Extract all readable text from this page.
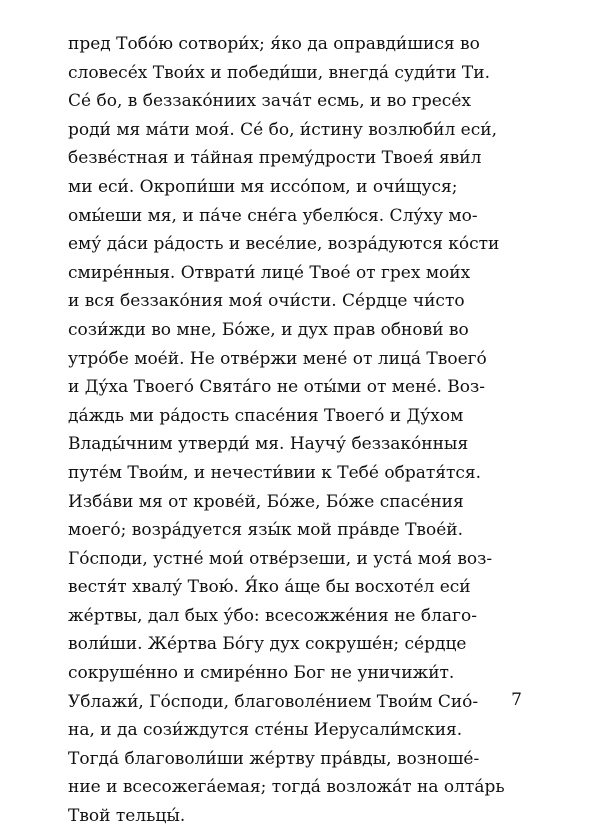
пред Тобо́ю сотвори́х; я́ко да оправди́шися во
словесе́х Твои́х и победи́ши, внегда́ суди́ти Ти.
Се́ бо, в беззако́ниих зача́т есмь, и во гресе́х
роди́ мя ма́ти моя́. Се́ бо, и́стину возлюби́л еси́,
безве́стная и та́йная прему́дрости Твоея́ яви́л
ми еси́. Окропи́ши мя иссо́пом, и очи́щуся;
омы́еши мя, и па́че сне́га убелю́ся. Слу́ху мо-
ему́ да́си ра́дость и весе́лие, возра́дуются ко́сти
смире́нныя. Отврати́ лице́ Твое́ от грех мои́х
и вся беззако́ния моя́ очи́сти. Се́рдце чи́сто
сози́жди во мне, Бо́же, и дух прав обнови́ во
утро́бе мое́й. Не отве́ржи мене́ от лица́ Твоего́
и Ду́ха Твоего́ Свята́го не оты́ми от мене́. Воз-
да́ждь ми ра́дость спасе́ния Твоего́ и Ду́хом
Влады́чним утверди́ мя. Научу́ беззако́нныя
путе́м Твои́м, и нечести́вии к Тебе́ обратя́тся.
Изба́ви мя от крове́й, Бо́же, Бо́же спасе́ния
моего́; возра́дуется язы́к мой пра́вде Твое́й.
Го́споди, устне́ мои́ отве́рзеши, и уста́ моя́ воз-
вестя́т хвалу́ Твою́. Я́ко а́ще бы восхоте́л еси́
же́ртвы, дал бых у́бо: всесожже́ния не благо-
воли́ши. Же́ртва Бо́гу дух сокруше́н; се́рдце
сокруше́нно и смире́нно Бог не уничижи́т.
Ублажи́, Го́споди, благоволе́нием Твои́м Сио́-
на, и да сози́ждутся сте́ны Иерусали́мския.
Тогда́ благоволи́ши же́ртву пра́вды, возноше́-
ние и всесожега́емая; тогда́ возложа́т на олта́рь
Твой тельцы́.
7
